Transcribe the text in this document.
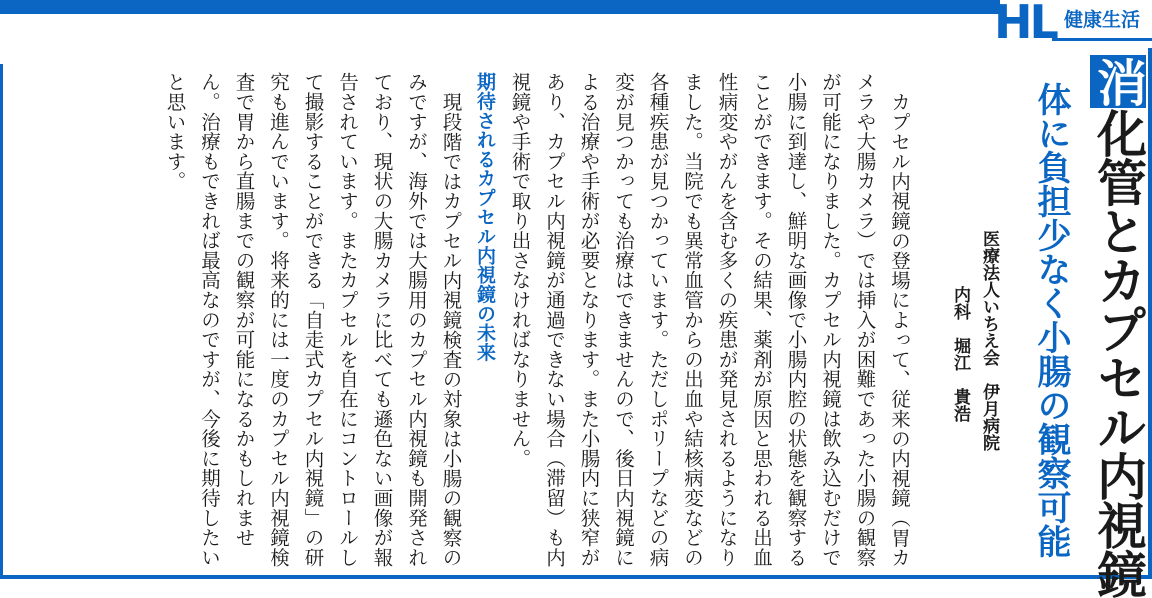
HL 健康生活
消化管とカプセル内視鏡
体に負担少なく小腸の観察可能
医療法人いちえ会　伊月病院
内科　堀江　貴浩

カプセル内視鏡の登場によって、従来の内視鏡（胃カメラや大腸カメラ）では挿入が困難であった小腸の観察が可能になりました。カプセル内視鏡は飲み込むだけで小腸に到達し、鮮明な画像で小腸内腔の状態を観察することができます。その結果、薬剤が原因と思われる出血性病変やがんを含む多くの疾患が発見されるようになりました。当院でも異常血管からの出血や結核病変などの各種疾患が見つかっています。ただしポリープなどの病変が見つかっても治療はできませんので、後日内視鏡による治療や手術が必要となります。また小腸内に狭窄があり、カプセル内視鏡が通過できない場合（滞留）も内視鏡や手術で取り出さなければなりません。

期待されるカプセル内視鏡の未来

現段階ではカプセル内視鏡検査の対象は小腸の観察のみですが、海外では大腸用のカプセル内視鏡も開発されており、現状の大腸カメラに比べても遜色ない画像が報告されています。またカプセルを自在にコントロールして撮影することができる「自走式カプセル内視鏡」の研究も進んでいます。将来的には一度のカプセル内視鏡検査で胃から直腸までの観察が可能になるかもしれません。治療もできれば最高なのですが、今後に期待したいと思います。
